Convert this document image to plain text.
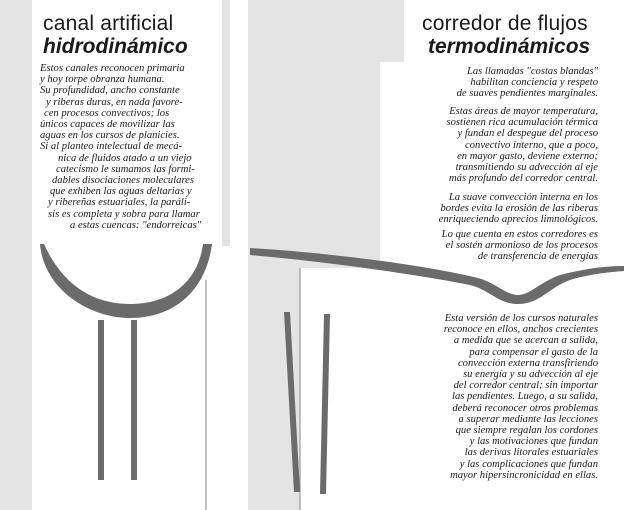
canal artificial
hidrodinámico
Estos canales reconocen primaria
y hoy torpe obranza humana.
Su profundidad, ancho constante
y riberas duras, en nada favore-
cen procesos convectivos; los
únicos capaces de movilizar las
aguas en los cursos de planicies.
Si al planteo intelectual de mecá-
nica de fluidos atado a un viejo
catecismo le sumamos las formi-
dables disociaciones moleculares
que exhiben las aguas deltarias y
y ribereñas estuariales, la parálі-
sis es completa y sobra para llamar
a estas cuencas: "endorreicas"
corredor de flujos
termodinámicos
Las llamadas "costas blandas"
habilitan conciencia y respeto
de suaves pendientes marginales.
Estas áreas de mayor temperatura,
sostienen rica acumulación térmica
y fundan el despegue del proceso
convectivo interno, que a poco,
en mayor gasto, deviene externo;
transmitiendo su advección al eje
más profundo del corredor central.
La suave convección interna en los
bordes evita la erosión de las riberas
enriqueciendo aprecios limnológicos.
Lo que cuenta en estos corredores es
el sostén armonioso de los procesos
de transferencia de energías
Esta versión de los cursos naturales
reconoce en ellos, anchos crecientes
a medida que se acercan a salida,
para compensar el gasto de la
convección externa transfiriendo
su energía y su advección al eje
del corredor central; sin importar
las pendientes. Luego, a su salida,
deberá reconocer otros problemas
a superar mediante las lecciones
que siempre regalan los cordones
y las motivaciones que fundan
las derivas litorales estuariales
y las complicaciones que fundan
mayor hipersincronicidad en ellas.
